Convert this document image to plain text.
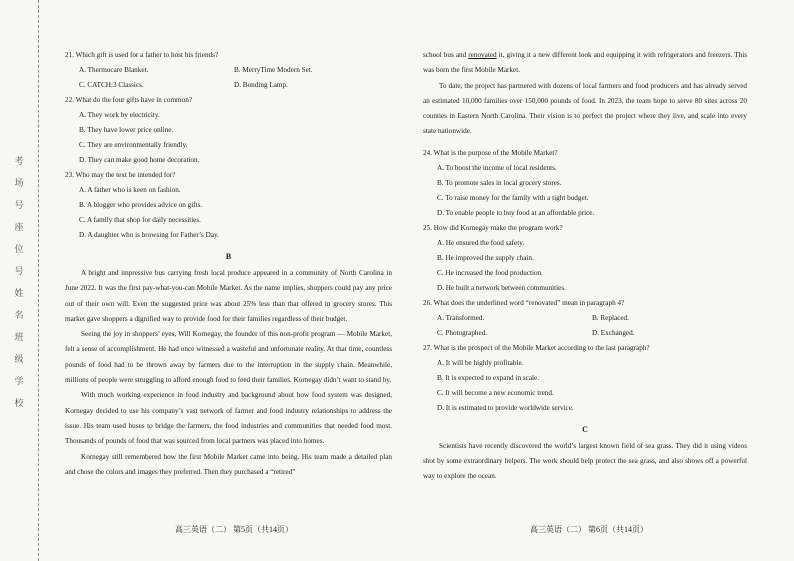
考 场 号 座 位 号 姓 名 班 级 学 校

21. Which gift is used for a father to host his friends?

A. Thermocare Blanket.	B. MerryTime Modern Set.
C. CATCH:3 Classics.	D. Bonding Lamp.

22. What do the four gifts have in common?

A. They work by electricity.

B. They have lower price online.

C. They are environmentally friendly.

D. They can make good home decoration.

23. Who may the text be intended for?

A. A father who is keen on fashion.

B. A blogger who provides advice on gifts.

C. A family that shop for daily necessities.

D. A daughter who is browsing for Father’s Day.

B

A bright and impressive bus carrying fresh local produce appeared in a community of North Carolina in June 2022. It was the first pay-what-you-can Mobile Market. As the name implies, shoppers could pay any price out of their own will. Even the suggested price was about 25% less than that offered in grocery stores. This market gave shoppers a dignified way to provide food for their families regardless of their budget.

Seeing the joy in shoppers’ eyes, Will Kornegay, the founder of this non-profit program — Mobile Market, felt a sense of accomplishment. He had once witnessed a wasteful and unfortunate reality. At that time, countless pounds of food had to be thrown away by farmers due to the interruption in the supply chain. Meanwhile, millions of people were struggling to afford enough food to feed their families. Kornegay didn’t want to stand by.

With much working experience in food industry and background about how food system was designed, Kornegay decided to use his company’s vast network of farmer and food industry relationships to address the issue. His team used buses to bridge the farmers, the food industries and communities that needed food most. Thousands of pounds of food that was sourced from local partners was placed into homes.

Kornegay still remembered how the first Mobile Market came into being. His team made a detailed plan and chose the colors and images they preferred. Then they purchased a “retired”

school bus and renovated it, giving it a new different look and equipping it with refrigerators and freezers. This was born the first Mobile Market.

To date, the project has partnered with dozens of local farmers and food producers and has already served an estimated 10,000 families over 150,000 pounds of food. In 2023, the team hope to serve 80 sites across 20 counties in Eastern North Carolina. Their vision is to perfect the project where they live, and scale into every state nationwide.

24. What is the purpose of the Mobile Market?

A. To boost the income of local residents.

B. To promote sales in local grocery stores.

C. To raise money for the family with a tight budget.

D. To enable people to buy food at an affordable price.

25. How did Kornegay make the program work?

A. He ensured the food safety.

B. He improved the supply chain.

C. He increased the food production.

D. He built a network between communities.

26. What does the underlined word “renovated” mean in paragraph 4?

A. Transformed.	B. Replaced.
C. Photographed.	D. Exchanged.

27. What is the prospect of the Mobile Market according to the last paragraph?

A. It will be highly profitable.

B. It is expected to expand in scale.

C. It will become a new economic trend.

D. It is estimated to provide worldwide service.

C

Scientists have recently discovered the world’s largest known field of sea grass. They did it using videos shot by some extraordinary helpers. The work should help protect the sea grass, and also shows off a powerful way to explore the ocean.

高三英语（二） 第5页（共14页）	高三英语（二） 第6页（共14页）
